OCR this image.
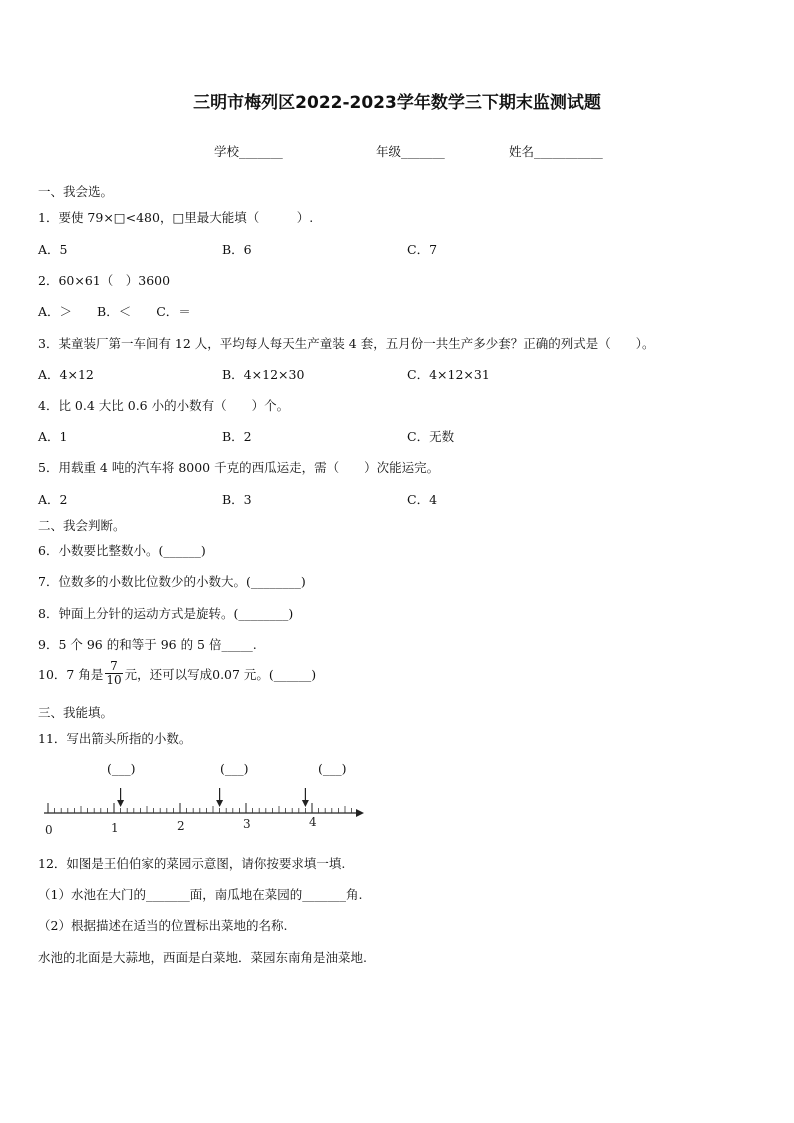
三明市梅列区2022-2023学年数学三下期末监测试题
学校_______	年级_______	姓名___________
一、我会选。
1．要使 79×□<480，□里最大能填（　　　）.
A．5	B．6	C．7
2．60×61（　）3600
A．＞　　B．＜　　C．＝
3．某童装厂第一车间有 12 人，平均每人每天生产童装 4 套，五月份一共生产多少套？正确的列式是（　　）。
A．4×12	B．4×12×30	C．4×12×31
4．比 0.4 大比 0.6 小的小数有（　　）个。
A．1	B．2	C．无数
5．用载重 4 吨的汽车将 8000 千克的西瓜运走，需（　　）次能运完。
A．2	B．3	C．4
二、我会判断。
6．小数要比整数小。(______)
7．位数多的小数比位数少的小数大。(________)
8．钟面上分针的运动方式是旋转。(________)
9．5 个 96 的和等于 96 的 5 倍_____.
10．7 角是 $\frac{7}{10}$ 元，还可以写成0.07 元。(______)
三、我能填。
11．写出箭头所指的小数。
(___)	(___)	(___)
0	1	2	3	4
12．如图是王伯伯家的菜园示意图，请你按要求填一填.
（1）水池在大门的_______面，南瓜地在菜园的_______角.
（2）根据描述在适当的位置标出菜地的名称.
水池的北面是大蒜地，西面是白菜地．菜园东南角是油菜地.
